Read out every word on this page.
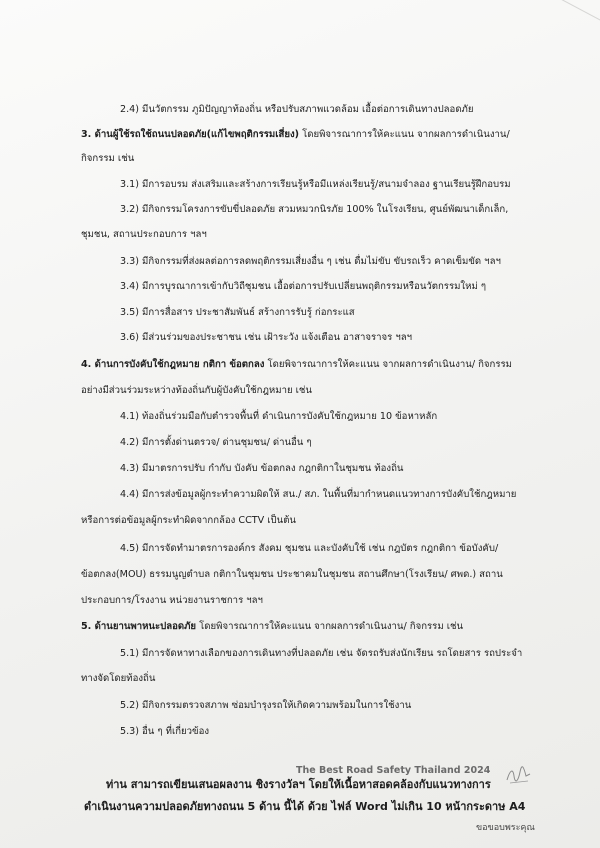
2.4) มีนวัตกรรม ภูมิปัญญาท้องถิ่น หรือปรับสภาพแวดล้อม เอื้อต่อการเดินทางปลอดภัย
3. ด้านผู้ใช้รถใช้ถนนปลอดภัย(แก้ไขพฤติกรรมเสี่ยง) โดยพิจารณาการให้คะแนน จากผลการดำเนินงาน/
กิจกรรม เช่น
3.1) มีการอบรม ส่งเสริมและสร้างการเรียนรู้หรือมีแหล่งเรียนรู้/สนามจำลอง ฐานเรียนรู้ฝึกอบรม
3.2) มีกิจกรรมโครงการขับขี่ปลอดภัย สวมหมวกนิรภัย 100% ในโรงเรียน, ศูนย์พัฒนาเด็กเล็ก,
ชุมชน, สถานประกอบการ ฯลฯ
3.3) มีกิจกรรมที่ส่งผลต่อการลดพฤติกรรมเสี่ยงอื่น ๆ เช่น ดื่มไม่ขับ ขับรถเร็ว คาดเข็มขัด ฯลฯ
3.4) มีการบูรณาการเข้ากับวิถีชุมชน เอื้อต่อการปรับเปลี่ยนพฤติกรรมหรือนวัตกรรมใหม่ ๆ
3.5) มีการสื่อสาร ประชาสัมพันธ์ สร้างการรับรู้ ก่อกระแส
3.6) มีส่วนร่วมของประชาชน เช่น เฝ้าระวัง แจ้งเตือน อาสาจราจร ฯลฯ
4. ด้านการบังคับใช้กฎหมาย กติกา ข้อตกลง โดยพิจารณาการให้คะแนน จากผลการดำเนินงาน/ กิจกรรม
อย่างมีส่วนร่วมระหว่างท้องถิ่นกับผู้บังคับใช้กฎหมาย เช่น
4.1) ท้องถิ่นร่วมมือกับตำรวจพื้นที่ ดำเนินการบังคับใช้กฎหมาย 10 ข้อหาหลัก
4.2) มีการตั้งด่านตรวจ/ ด่านชุมชน/ ด่านอื่น ๆ
4.3) มีมาตรการปรับ กำกับ บังคับ ข้อตกลง กฎกติกาในชุมชน ท้องถิ่น
4.4) มีการส่งข้อมูลผู้กระทำความผิดให้ สน./ สภ. ในพื้นที่มากำหนดแนวทางการบังคับใช้กฎหมาย
หรือการต่อข้อมูลผู้กระทำผิดจากกล้อง CCTV เป็นต้น
4.5) มีการจัดทำมาตรการองค์กร สังคม ชุมชน และบังคับใช้ เช่น กฎบัตร กฎกติกา ข้อบังคับ/
ข้อตกลง(MOU) ธรรมนูญตำบล กติกาในชุมชน ประชาคมในชุมชน สถานศึกษา(โรงเรียน/ ศพด.) สถาน
ประกอบการ/โรงงาน หน่วยงานราชการ ฯลฯ
5. ด้านยานพาหนะปลอดภัย โดยพิจารณาการให้คะแนน จากผลการดำเนินงาน/ กิจกรรม เช่น
5.1) มีการจัดหาทางเลือกของการเดินทางที่ปลอดภัย เช่น จัดรถรับส่งนักเรียน รถโดยสาร รถประจำ
ทางจัดโดยท้องถิ่น
5.2) มีกิจกรรมตรวจสภาพ ซ่อมบำรุงรถให้เกิดความพร้อมในการใช้งาน
5.3) อื่น ๆ ที่เกี่ยวข้อง
ท่าน สามารถเขียนเสนอผลงาน ชิงรางวัลฯ โดยให้เนื้อหาสอดคล้องกับแนวทางการ
ดำเนินงานความปลอดภัยทางถนน 5 ด้าน นี้ได้ ด้วย ไฟล์ Word ไม่เกิน 10 หน้ากระดาษ A4
ขอขอบพระคุณ
The Best Road Safety Thailand 2024
